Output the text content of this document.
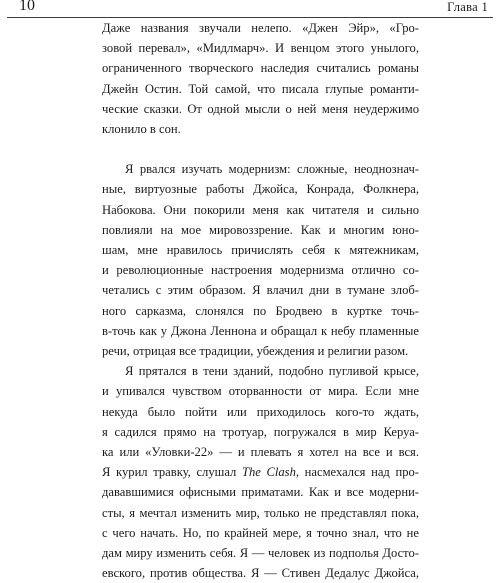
10	Глава 1

Даже названия звучали нелепо. «Джен Эйр», «Гро-
зовой перевал», «Мидлмарч». И венцом этого унылого,
ограниченного творческого наследия считались романы
Джейн Остин. Той самой, что писала глупые романти-
ческие сказки. От одной мысли о ней меня неудержимо
клонило в сон.

Я рвался изучать модернизм: сложные, неоднознач-
ные, виртуозные работы Джойса, Конрада, Фолкнера,
Набокова. Они покорили меня как читателя и сильно
повлияли на мое мировоззрение. Как и многим юно-
шам, мне нравилось причислять себя к мятежникам,
и революционные настроения модернизма отлично со-
четались с этим образом. Я влачил дни в тумане злоб-
ного сарказма, слонялся по Бродвею в куртке точь-
в-точь как у Джона Леннона и обращал к небу пламенные
речи, отрицая все традиции, убеждения и религии разом.

Я прятался в тени зданий, подобно пугливой крысе,
и упивался чувством оторванности от мира. Если мне
некуда было пойти или приходилось кого-то ждать,
я садился прямо на тротуар, погружался в мир Керуа-
ка или «Уловки-22» — и плевать я хотел на все и вся.
Я курил травку, слушал The Clash, насмехался над про-
дававшимися офисными приматами. Как и все модерни-
сты, я мечтал изменить мир, только не представлял пока,
с чего начать. Но, по крайней мере, я точно знал, что не
дам миру изменить себя. Я — человек из подполья Досто-
евского, против общества. Я — Стивен Дедалус Джойса,
